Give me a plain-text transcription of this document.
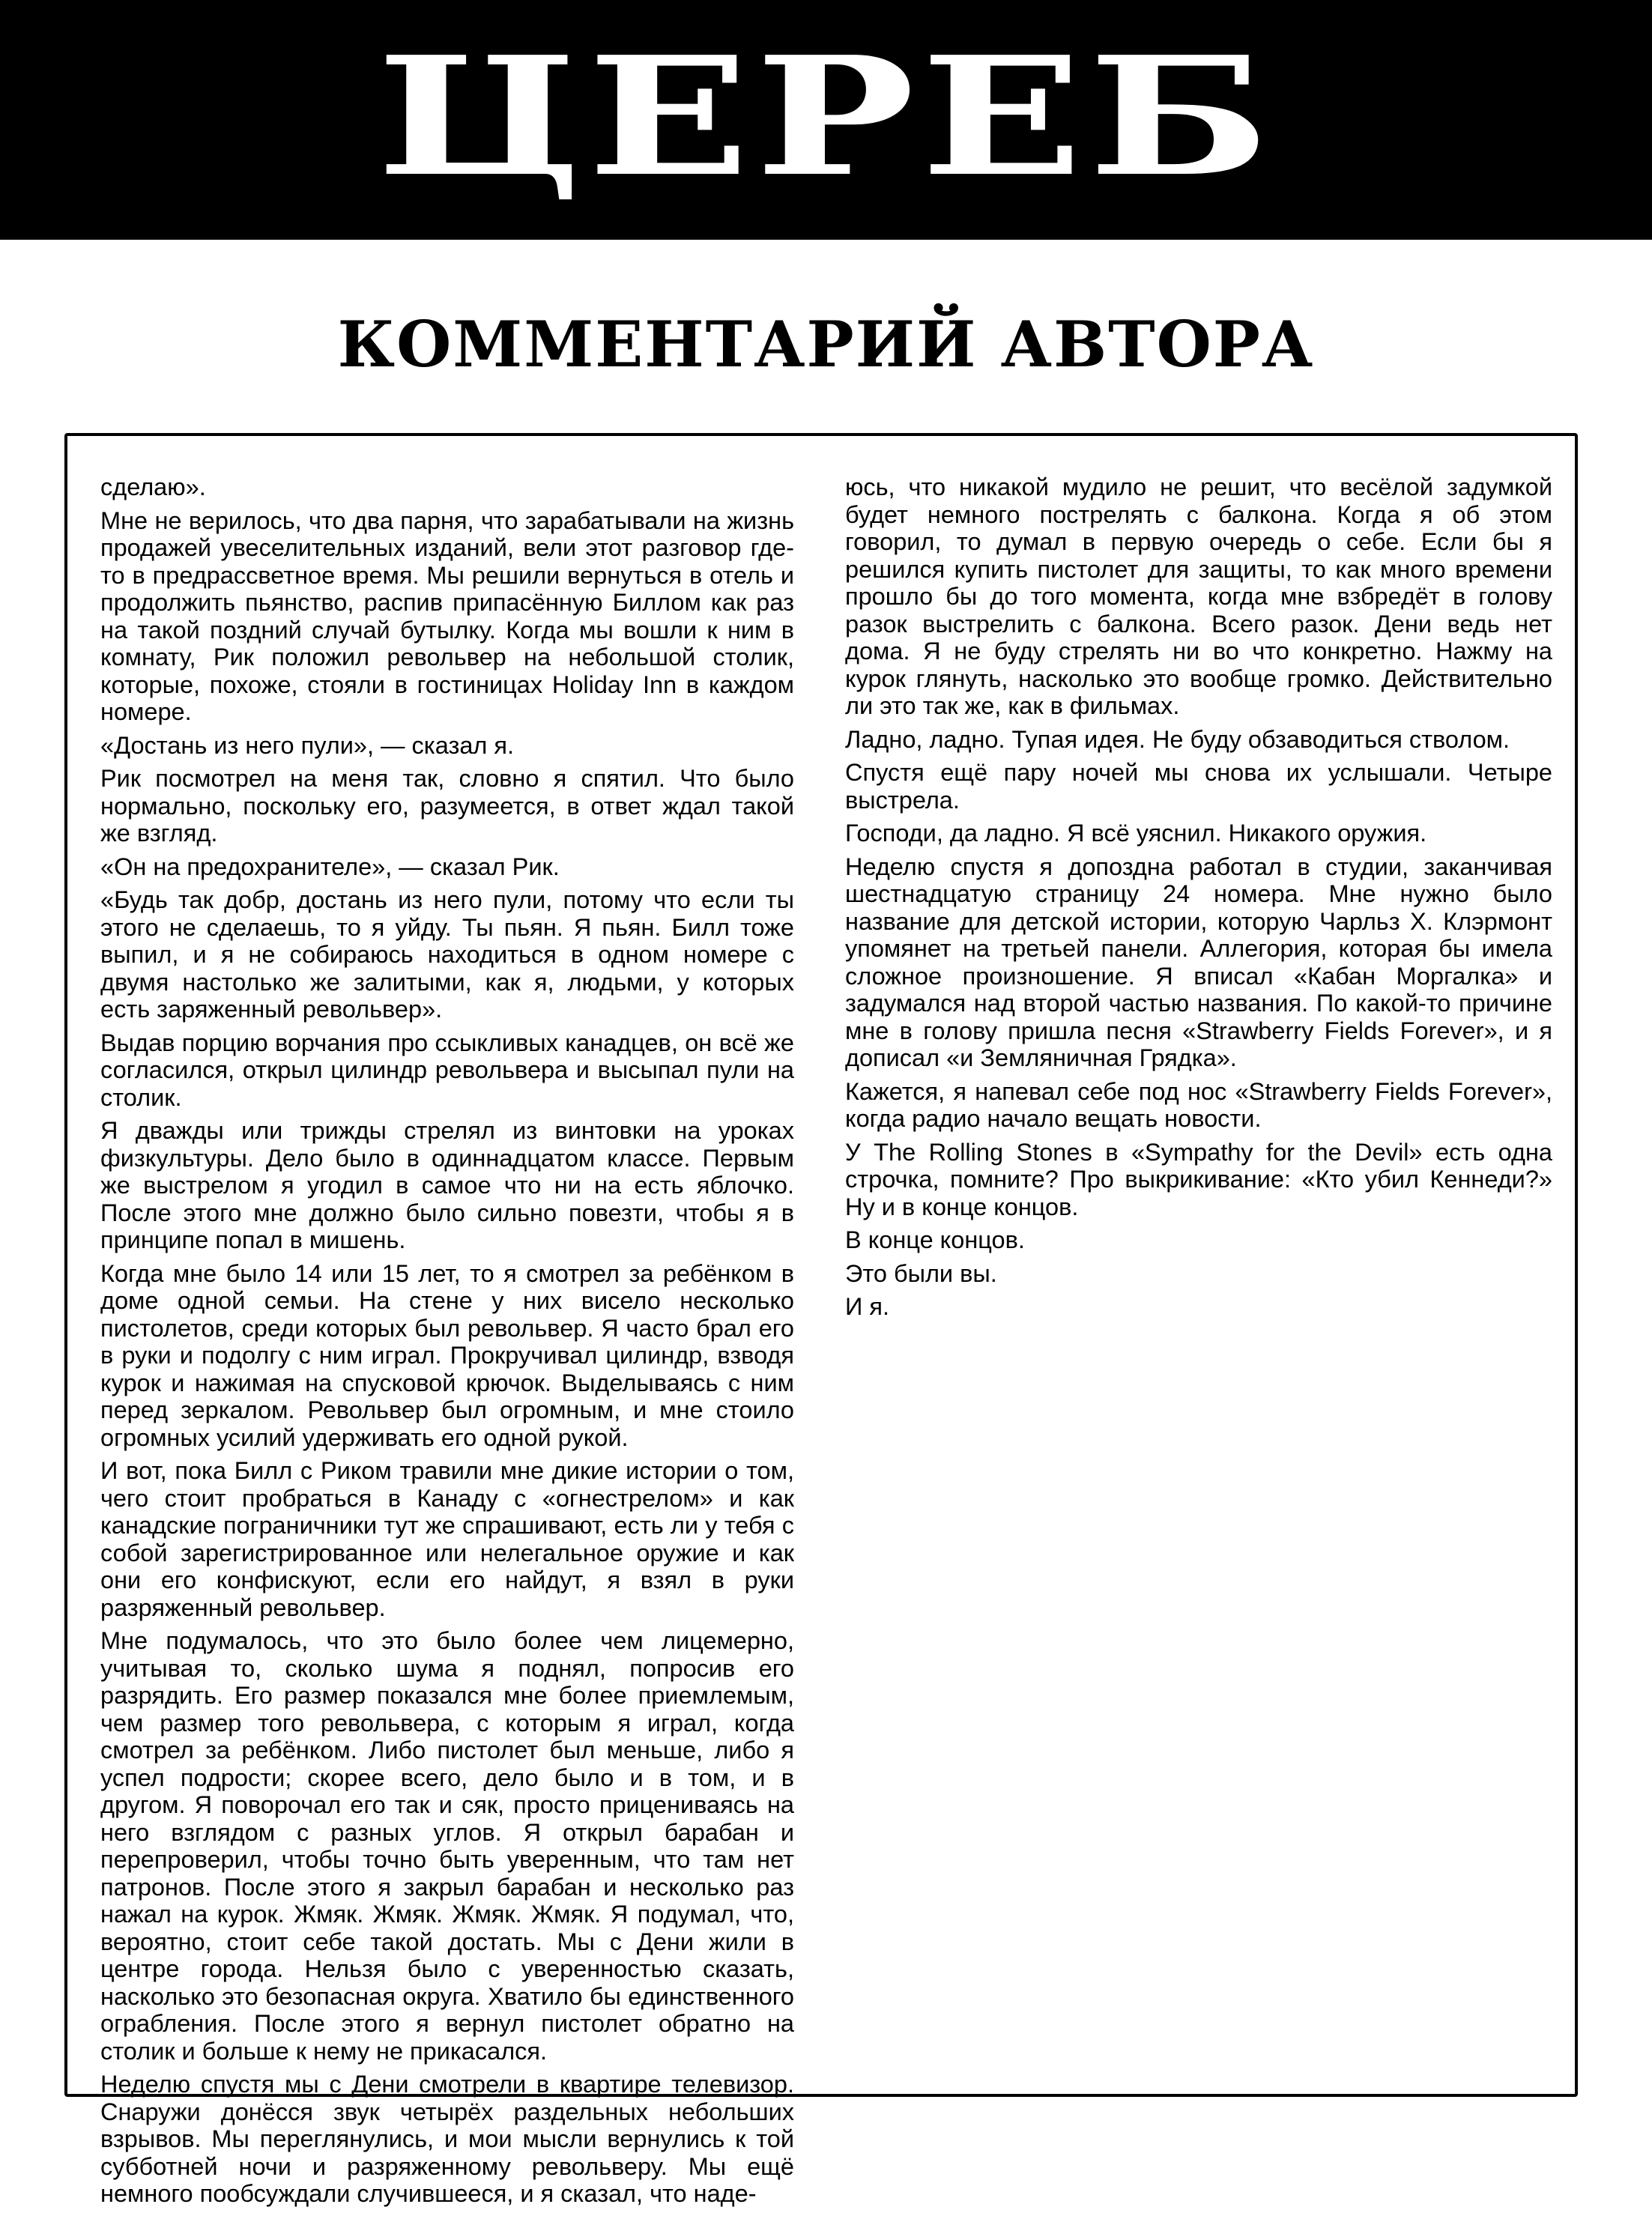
ЦЕРЕБ
КОММЕНТАРИЙ АВТОРА

сделаю».

Мне не верилось, что два парня, что зарабатывали на жизнь продажей увеселительных изданий, вели этот разговор где-то в предрассветное время. Мы решили вернуться в отель и продолжить пьянство, распив припасённую Биллом как раз на такой поздний случай бутылку. Когда мы вошли к ним в комнату, Рик положил револьвер на небольшой столик, которые, похоже, стояли в гостиницах Holiday Inn в каждом номере.

«Достань из него пули», — сказал я.

Рик посмотрел на меня так, словно я спятил. Что было нормально, поскольку его, разумеется, в ответ ждал такой же взгляд.

«Он на предохранителе», — сказал Рик.

«Будь так добр, достань из него пули, потому что если ты этого не сделаешь, то я уйду. Ты пьян. Я пьян. Билл тоже выпил, и я не собираюсь находиться в одном номере с двумя настолько же залитыми, как я, людьми, у которых есть заряженный револьвер».

Выдав порцию ворчания про ссыкливых канадцев, он всё же согласился, открыл цилиндр револьвера и высыпал пули на столик.

Я дважды или трижды стрелял из винтовки на уроках физкультуры. Дело было в одиннадцатом классе. Первым же выстрелом я угодил в самое что ни на есть яблочко. После этого мне должно было сильно повезти, чтобы я в принципе попал в мишень.

Когда мне было 14 или 15 лет, то я смотрел за ребёнком в доме одной семьи. На стене у них висело несколько пистолетов, среди которых был револьвер. Я часто брал его в руки и подолгу с ним играл. Прокручивал цилиндр, взводя курок и нажимая на спусковой крючок. Выделываясь с ним перед зеркалом. Револьвер был огромным, и мне стоило огромных усилий удерживать его одной рукой.

И вот, пока Билл с Риком травили мне дикие истории о том, чего стоит пробраться в Канаду с «огнестрелом» и как канадские пограничники тут же спрашивают, есть ли у тебя с собой зарегистрированное или нелегальное оружие и как они его конфискуют, если его найдут, я взял в руки разряженный револьвер.

Мне подумалось, что это было более чем лицемерно, учитывая то, сколько шума я поднял, попросив его разрядить. Его размер показался мне более приемлемым, чем размер того револьвера, с которым я играл, когда смотрел за ребёнком. Либо пистолет был меньше, либо я успел подрости; скорее всего, дело было и в том, и в другом. Я поворочал его так и сяк, просто прицениваясь на него взглядом с разных углов. Я открыл барабан и перепроверил, чтобы точно быть уверенным, что там нет патронов. После этого я закрыл барабан и несколько раз нажал на курок. Жмяк. Жмяк. Жмяк. Жмяк. Я подумал, что, вероятно, стоит себе такой достать. Мы с Дени жили в центре города. Нельзя было с уверенностью сказать, насколько это безопасная округа. Хватило бы единственного ограбления. После этого я вернул пистолет обратно на столик и больше к нему не прикасался.

Неделю спустя мы с Дени смотрели в квартире телевизор. Снаружи донёсся звук четырёх раздельных небольших взрывов. Мы переглянулись, и мои мысли вернулись к той субботней ночи и разряженному револьверу. Мы ещё немного пообсуждали случившееся, и я сказал, что наде-

юсь, что никакой мудило не решит, что весёлой задумкой будет немного пострелять с балкона. Когда я об этом говорил, то думал в первую очередь о себе. Если бы я решился купить пистолет для защиты, то как много времени прошло бы до того момента, когда мне взбредёт в голову разок выстрелить с балкона. Всего разок. Дени ведь нет дома. Я не буду стрелять ни во что конкретно. Нажму на курок глянуть, насколько это вообще громко. Действительно ли это так же, как в фильмах.

Ладно, ладно. Тупая идея. Не буду обзаводиться стволом.

Спустя ещё пару ночей мы снова их услышали. Четыре выстрела.

Господи, да ладно. Я всё уяснил. Никакого оружия.

Неделю спустя я допоздна работал в студии, заканчивая шестнадцатую страницу 24 номера. Мне нужно было название для детской истории, которую Чарльз Х. Клэрмонт упомянет на третьей панели. Аллегория, которая бы имела сложное произношение. Я вписал «Кабан Моргалка» и задумался над второй частью названия. По какой-то причине мне в голову пришла песня «Strawberry Fields Forever», и я дописал «и Земляничная Грядка».

Кажется, я напевал себе под нос «Strawberry Fields Forever», когда радио начало вещать новости.

У The Rolling Stones в «Sympathy for the Devil» есть одна строчка, помните? Про выкрикивание: «Кто убил Кеннеди?» Ну и в конце концов.

В конце концов.

Это были вы.

И я.
